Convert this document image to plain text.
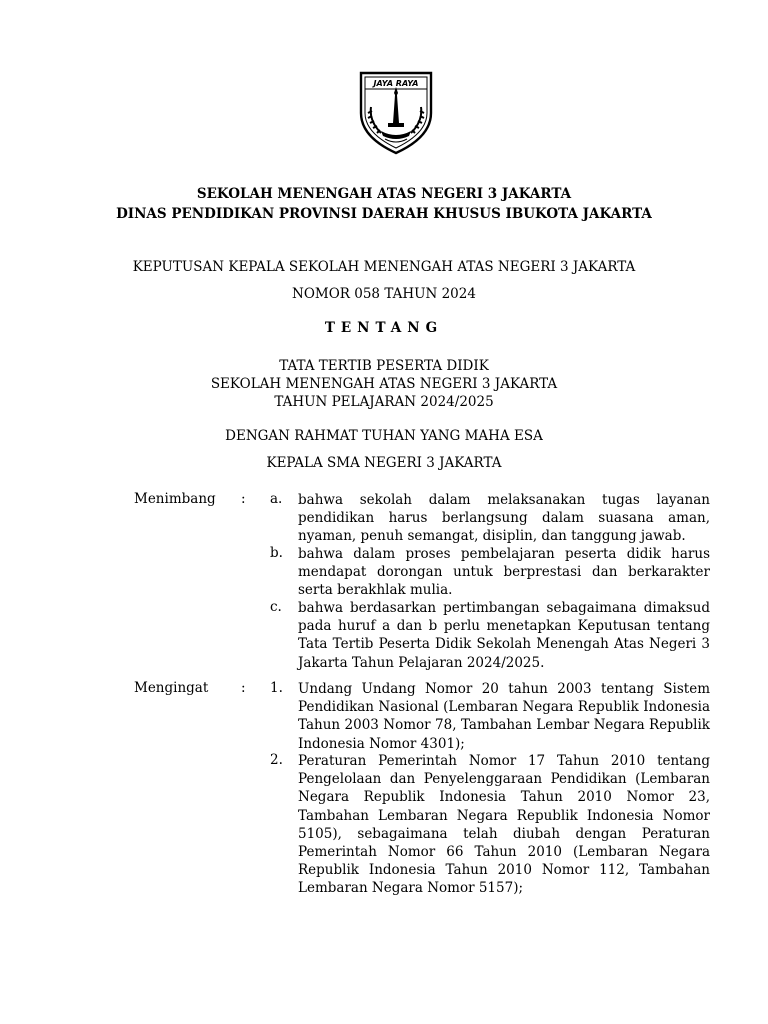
JAYA RAYA
SEKOLAH MENENGAH ATAS NEGERI 3 JAKARTA
DINAS PENDIDIKAN PROVINSI DAERAH KHUSUS IBUKOTA JAKARTA
KEPUTUSAN KEPALA SEKOLAH MENENGAH ATAS NEGERI 3 JAKARTA
NOMOR 058 TAHUN 2024
TENTANG
TATA TERTIB PESERTA DIDIK
SEKOLAH MENENGAH ATAS NEGERI 3 JAKARTA
TAHUN PELAJARAN 2024/2025
DENGAN RAHMAT TUHAN YANG MAHA ESA
KEPALA SMA NEGERI 3 JAKARTA
Menimbang : a. bahwa sekolah dalam melaksanakan tugas layanan pendidikan harus berlangsung dalam suasana aman, nyaman, penuh semangat, disiplin, dan tanggung jawab.
b. bahwa dalam proses pembelajaran peserta didik harus mendapat dorongan untuk berprestasi dan berkarakter serta berakhlak mulia.
c. bahwa berdasarkan pertimbangan sebagaimana dimaksud pada huruf a dan b perlu menetapkan Keputusan tentang Tata Tertib Peserta Didik Sekolah Menengah Atas Negeri 3 Jakarta Tahun Pelajaran 2024/2025.
Mengingat : 1. Undang Undang Nomor 20 tahun 2003 tentang Sistem Pendidikan Nasional (Lembaran Negara Republik Indonesia Tahun 2003 Nomor 78, Tambahan Lembar Negara Republik Indonesia Nomor 4301);
2. Peraturan Pemerintah Nomor 17 Tahun 2010 tentang Pengelolaan dan Penyelenggaraan Pendidikan (Lembaran Negara Republik Indonesia Tahun 2010 Nomor 23, Tambahan Lembaran Negara Republik Indonesia Nomor 5105), sebagaimana telah diubah dengan Peraturan Pemerintah Nomor 66 Tahun 2010 (Lembaran Negara Republik Indonesia Tahun 2010 Nomor 112, Tambahan Lembaran Negara Nomor 5157);
